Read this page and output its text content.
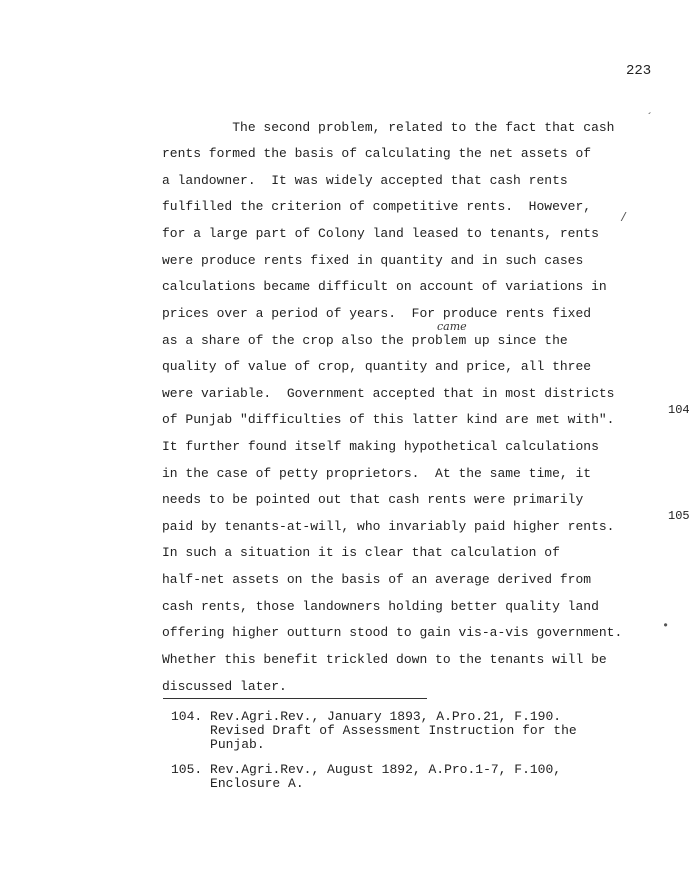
223
The second problem, related to the fact that cash
rents formed the basis of calculating the net assets of
a landowner.  It was widely accepted that cash rents
fulfilled the criterion of competitive rents.  However,
for a large part of Colony land leased to tenants, rents
were produce rents fixed in quantity and in such cases
calculations became difficult on account of variations in
prices over a period of years.  For produce rents fixed
as a share of the crop also the problem up since the
quality of value of crop, quantity and price, all three
were variable.  Government accepted that in most districts
of Punjab "difficulties of this latter kind are met with".
It further found itself making hypothetical calculations
in the case of petty proprietors.  At the same time, it
needs to be pointed out that cash rents were primarily
paid by tenants-at-will, who invariably paid higher rents.
In such a situation it is clear that calculation of
half-net assets on the basis of an average derived from
cash rents, those landowners holding better quality land
offering higher outturn stood to gain vis-a-vis government.
Whether this benefit trickled down to the tenants will be
discussed later.
came
´
/
•
104
105
104. Rev.Agri.Rev., January 1893, A.Pro.21, F.190.
Revised Draft of Assessment Instruction for the
Punjab.
105. Rev.Agri.Rev., August 1892, A.Pro.1-7, F.100,
Enclosure A.
